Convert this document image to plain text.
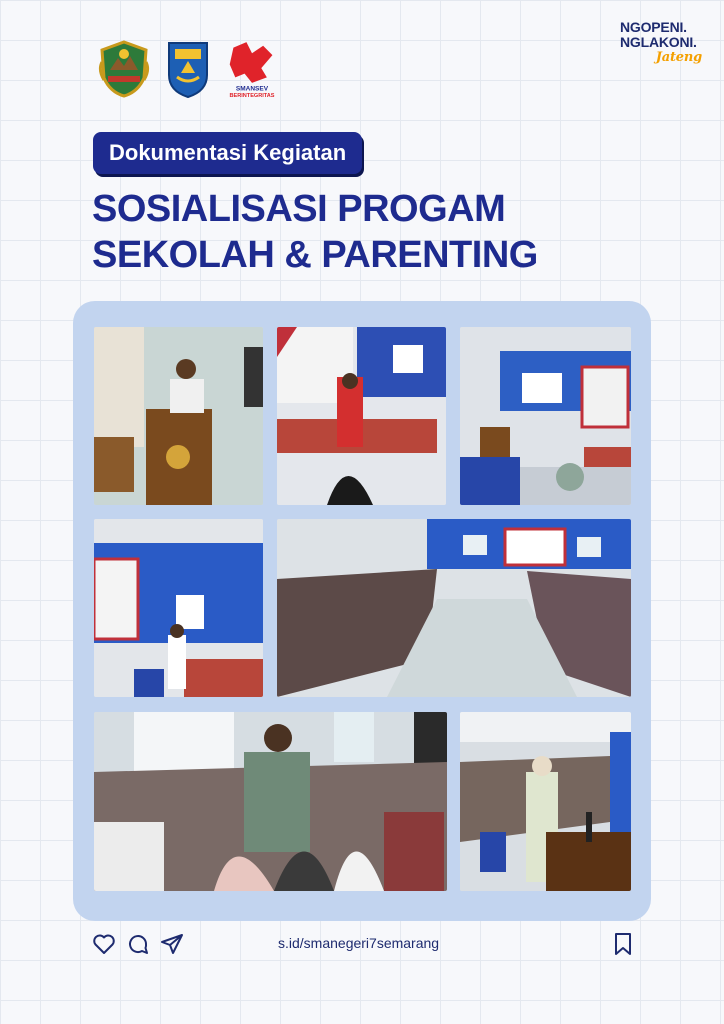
SMANSEV
BERINTEGRITAS
NGOPENI.
NGLAKONI.
Jateng
Dokumentasi Kegiatan
SOSIALISASI PROGAM
SEKOLAH & PARENTING
s.id/smanegeri7semarang
